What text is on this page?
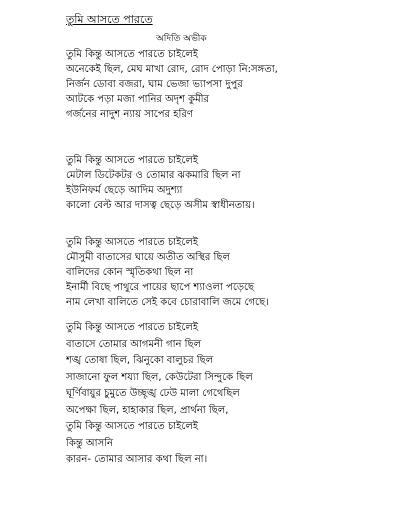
তুমি আসতে পারতে
অদিতি অভীক
তুমি কিন্তু আসতে পারতে চাইলেই
অনেকেই ছিল, মেঘ মাখা রোদ, রোদ পোড়া নি:সঙ্গতা,
নির্জন ডোবা বজরা, ঘাম ভেজা ভ্যাপসা দুপুর
আটকে পড়া মজা পানির অদৃশ কুমীর
গর্জনের নাদুশ ন্যায় সাপের হরিণ
তুমি কিন্তু আসতে পারতে চাইলেই
মেটাল ডিটেকটর ও তোমার ঝকমারি ছিল না
ইউনিফর্ম ছেড়ে আদিম অদুশ্যা
কালো বেল্ট আর দাসত্ব ছেড়ে অসীম স্বাধীনতায়।
তুমি কিন্তু আসতে পারতে চাইলেই
মৌসুমী বাতাসের ঘায়ে অতীত অস্থির ছিল
বালিদের কোন স্মৃতিকথা ছিল না
ইনার্মী বিছে পাথুরে পায়ের ছাপে শ্যাওলা পড়েছে
নাম লেখা বালিতে সেই কবে চোরাবালি জমে গেছে।
তুমি কিন্তু আসতে পারতে চাইলেই
বাতাসে তোমার আগমনী গান ছিল
শঙ্খ তোষা ছিল, ঝিনুকো বালুচর ছিল
সাজানো ফুল শয্যা ছিল, কেউটেরা সিন্দুকে ছিল
ঘূর্ণিবায়ুর চুমুতে উচ্ছৃঙ্খ ঢেউ মালা গেথেছিল
অপেক্ষা ছিল, হাহাকার ছিল, প্রার্থনা ছিল,
তুমি কিন্তু আসতে পারতে চাইলেই
কিন্তু আসনি
কারন- তোমার আসার কথা ছিল না।
